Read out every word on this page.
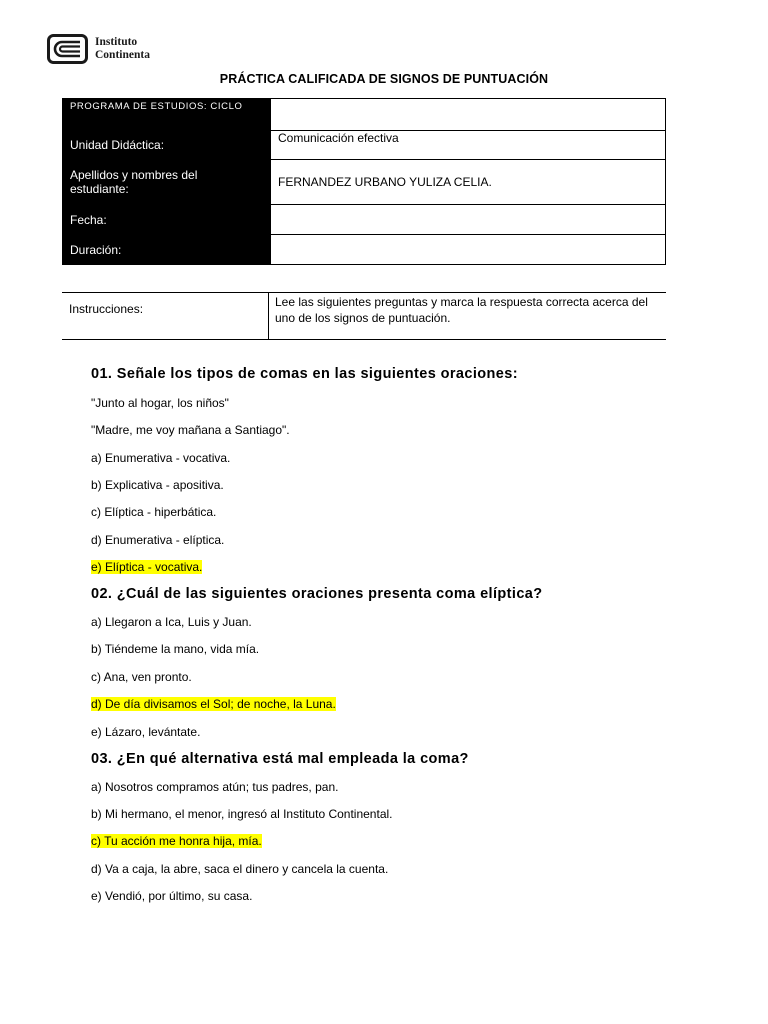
Instituto
Continenta
PRÁCTICA CALIFICADA DE SIGNOS DE PUNTUACIÓN
PROGRAMA DE ESTUDIOS: CICLO	
Unidad Didáctica:	Comunicación efectiva

Apellidos y nombres del
estudiante:	FERNANDEZ URBANO YULIZA CELIA.
Fecha:	
Duración:	
Instrucciones:	Lee las siguientes preguntas y marca la respuesta correcta acerca del uno de los signos de puntuación.
01. Señale los tipos de comas en las siguientes oraciones:
"Junto al hogar, los niños"
"Madre, me voy mañana a Santiago".
a) Enumerativa - vocativa.
b) Explicativa - apositiva.
c) Elíptica - hiperbática.
d) Enumerativa - elíptica.
e) Elíptica - vocativa.
02. ¿Cuál de las siguientes oraciones presenta coma elíptica?
a) Llegaron a Ica, Luis y Juan.
b) Tiéndeme la mano, vida mía.
c) Ana, ven pronto.
d) De día divisamos el Sol; de noche, la Luna.
e) Lázaro, levántate.
03. ¿En qué alternativa está mal empleada la coma?
a) Nosotros compramos atún; tus padres, pan.
b) Mi hermano, el menor, ingresó al Instituto Continental.
c) Tu acción me honra hija, mía.
d) Va a caja, la abre, saca el dinero y cancela la cuenta.
e) Vendió, por último, su casa.
